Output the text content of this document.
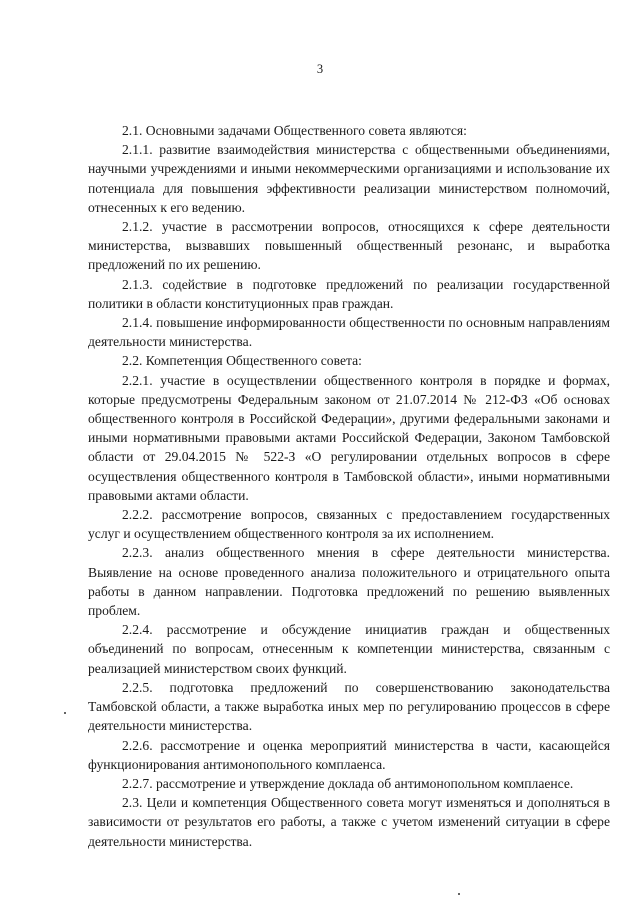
3

2.1. Основными задачами Общественного совета являются:

2.1.1. развитие взаимодействия министерства с общественными объединениями, научными учреждениями и иными некоммерческими организациями и использование их потенциала для повышения эффективности реализации министерством полномочий, отнесенных к его ведению.

2.1.2. участие в рассмотрении вопросов, относящихся к сфере деятельности министерства, вызвавших повышенный общественный резонанс, и выработка предложений по их решению.

2.1.3. содействие в подготовке предложений по реализации государственной политики в области конституционных прав граждан.

2.1.4. повышение информированности общественности по основным направлениям деятельности министерства.

2.2. Компетенция Общественного совета:

2.2.1. участие в осуществлении общественного контроля в порядке и формах, которые предусмотрены Федеральным законом от 21.07.2014 № 212-ФЗ «Об основах общественного контроля в Российской Федерации», другими федеральными законами и иными нормативными правовыми актами Российской Федерации, Законом Тамбовской области от 29.04.2015 № 522-З «О регулировании отдельных вопросов в сфере осуществления общественного контроля в Тамбовской области», иными нормативными правовыми актами области.

2.2.2. рассмотрение вопросов, связанных с предоставлением государственных услуг и осуществлением общественного контроля за их исполнением.

2.2.3. анализ общественного мнения в сфере деятельности министерства. Выявление на основе проведенного анализа положительного и отрицательного опыта работы в данном направлении. Подготовка предложений по решению выявленных проблем.

2.2.4. рассмотрение и обсуждение инициатив граждан и общественных объединений по вопросам, отнесенным к компетенции министерства, связанным с реализацией министерством своих функций.

2.2.5. подготовка предложений по совершенствованию законодательства Тамбовской области, а также выработка иных мер по регулированию процессов в сфере деятельности министерства.

2.2.6. рассмотрение и оценка мероприятий министерства в части, касающейся функционирования антимонопольного комплаенса.

2.2.7. рассмотрение и утверждение доклада об антимонопольном комплаенсе.

2.3. Цели и компетенция Общественного совета могут изменяться и дополняться в зависимости от результатов его работы, а также с учетом изменений ситуации в сфере деятельности министерства.
